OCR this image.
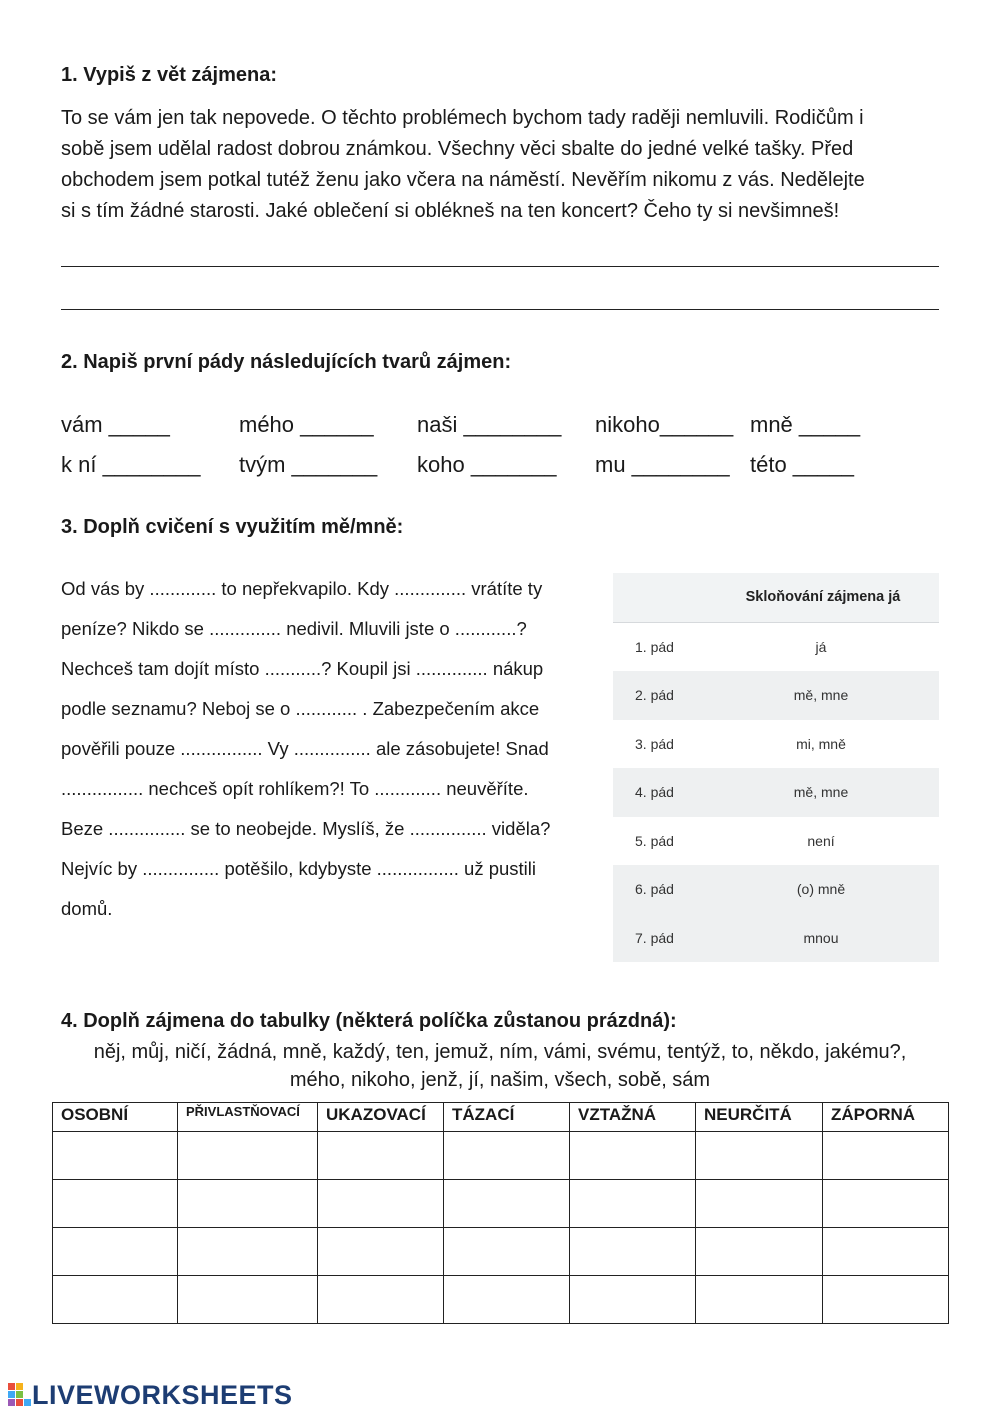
1. Vypiš z vět zájmena:
To se vám jen tak nepovede. O těchto problémech bychom tady raději nemluvili. Rodičům i
sobě jsem udělal radost dobrou známkou. Všechny věci sbalte do jedné velké tašky. Před
obchodem jsem potkal tutéž ženu jako včera na náměstí. Nevěřím nikomu z vás. Nedělejte
si s tím žádné starosti. Jaké oblečení si oblékneš na ten koncert? Čeho ty si nevšimneš!
2. Napiš první pády následujících tvarů zájmen:
vám _____	mého ______ naši ________ nikoho______ mně _____
k ní ________ tvým _______ koho _______ mu ________ této _____
3. Doplň cvičení s využitím mě/mně:
Od vás by ............. to nepřekvapilo. Kdy .............. vrátíte ty
peníze? Nikdo se .............. nedivil. Mluvili jste o ............?
Nechceš tam dojít místo ...........? Koupil jsi .............. nákup
podle seznamu? Neboj se o ............ . Zabezpečením akce
pověřili pouze ................ Vy ............... ale zásobujete! Snad
................ nechceš opít rohlíkem?! To ............. neuvěříte.
Beze ............... se to neobejde. Myslíš, že ............... viděla?
Nejvíc by ............... potěšilo, kdybyste ................ už pustili
domů.
Skloňování zájmena já
1. pád	já
2. pád	mě, mne
3. pád	mi, mně
4. pád	mě, mne
5. pád	není
6. pád	(o) mně
7. pád	mnou
4. Doplň zájmena do tabulky (některá políčka zůstanou prázdná):
něj, můj, ničí, žádná, mně, každý, ten, jemuž, ním, vámi, svému, tentýž, to, někdo, jakému?,
mého, nikoho, jenž, jí, našim, všech, sobě, sám
OSOBNÍ	PŘIVLASTŇOVACÍ	UKAZOVACÍ	TÁZACÍ	VZTAŽNÁ	NEURČITÁ	ZÁPORNÁ

LIVEWORKSHEETS
